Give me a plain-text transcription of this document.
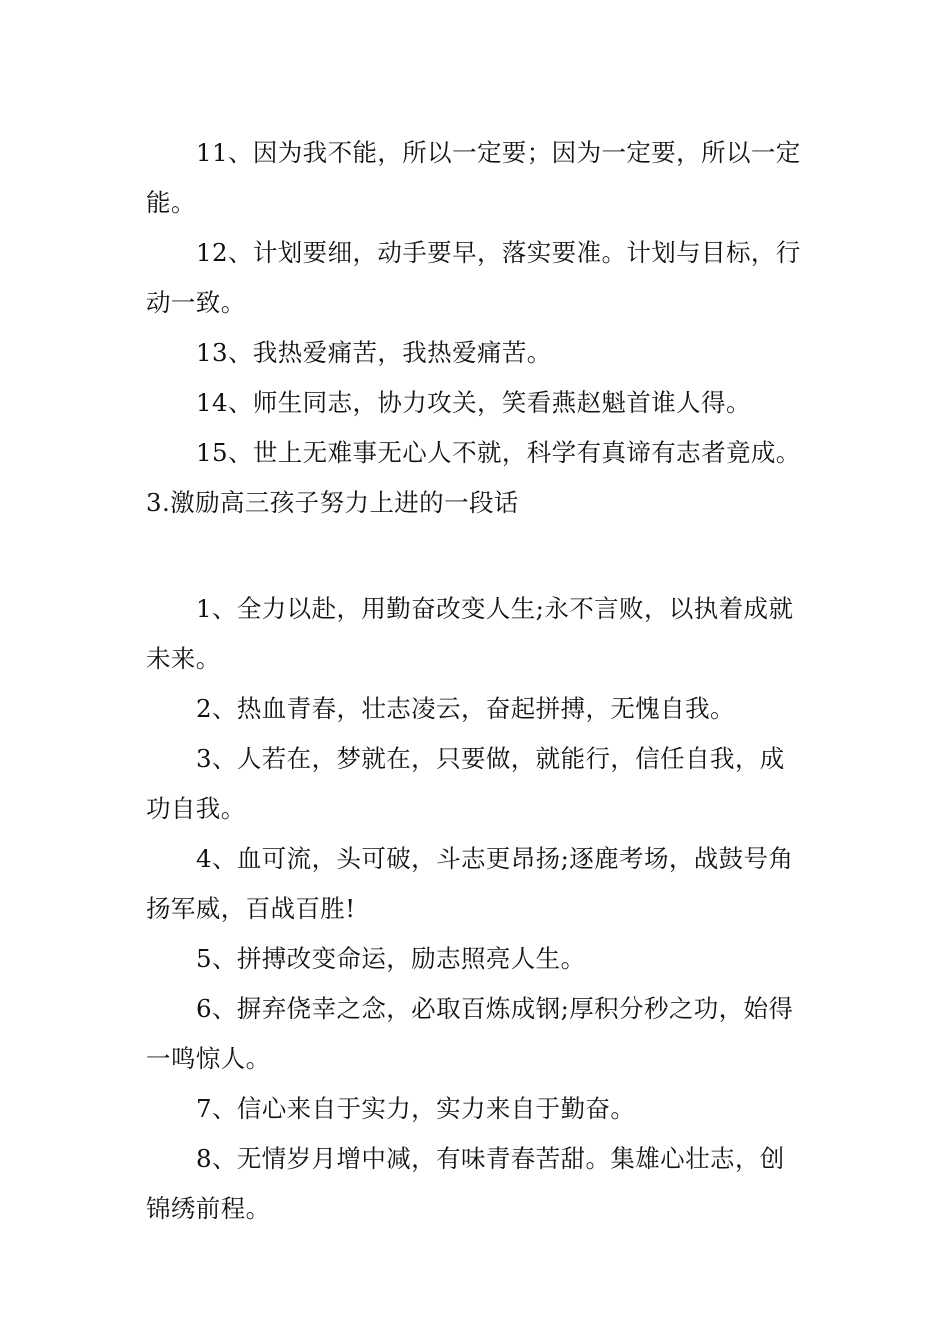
11、因为我不能，所以一定要；因为一定要，所以一定能。

12、计划要细，动手要早，落实要准。计划与目标，行动一致。

13、我热爱痛苦，我热爱痛苦。

14、师生同志，协力攻关，笑看燕赵魁首谁人得。

15、世上无难事无心人不就，科学有真谛有志者竟成。

3.激励高三孩子努力上进的一段话

1、全力以赴，用勤奋改变人生;永不言败，以执着成就未来。

2、热血青春，壮志凌云，奋起拼搏，无愧自我。

3、人若在，梦就在，只要做，就能行，信任自我，成功自我。

4、血可流，头可破，斗志更昂扬;逐鹿考场，战鼓号角扬军威，百战百胜!

5、拼搏改变命运，励志照亮人生。

6、摒弃侥幸之念，必取百炼成钢;厚积分秒之功，始得一鸣惊人。

7、信心来自于实力，实力来自于勤奋。

8、无情岁月增中减，有味青春苦甜。集雄心壮志，创锦绣前程。
